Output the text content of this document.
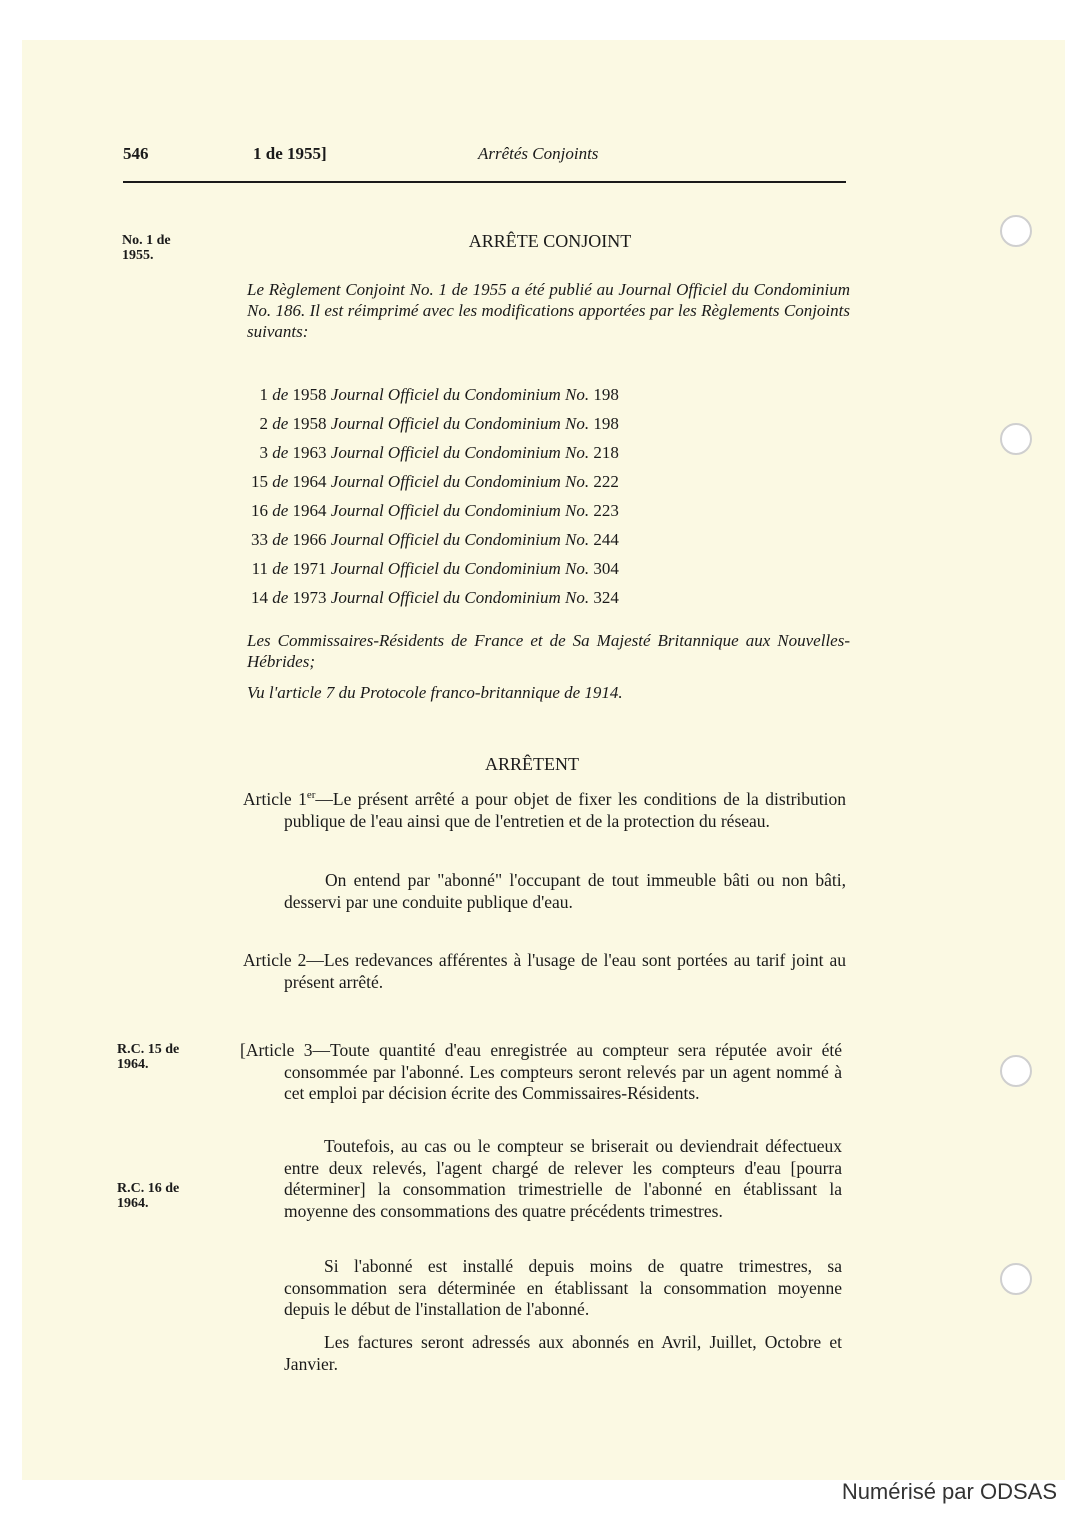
546	1 de 1955]	Arrêtés Conjoints
No. 1 de 1955.
ARRÊTE CONJOINT
Le Règlement Conjoint No. 1 de 1955 a été publié au Journal Officiel du Condominium No. 186. Il est réimprimé avec les modifications apportées par les Règlements Conjoints suivants:
1 de 1958 Journal Officiel du Condominium No. 198
2 de 1958 Journal Officiel du Condominium No. 198
3 de 1963 Journal Officiel du Condominium No. 218
15 de 1964 Journal Officiel du Condominium No. 222
16 de 1964 Journal Officiel du Condominium No. 223
33 de 1966 Journal Officiel du Condominium No. 244
11 de 1971 Journal Officiel du Condominium No. 304
14 de 1973 Journal Officiel du Condominium No. 324
Les Commissaires-Résidents de France et de Sa Majesté Britannique aux Nouvelles-Hébrides;
Vu l'article 7 du Protocole franco-britannique de 1914.
ARRÊTENT
Article 1er—Le présent arrêté a pour objet de fixer les conditions de la distribution publique de l'eau ainsi que de l'entretien et de la protection du réseau.
On entend par "abonné" l'occupant de tout immeuble bâti ou non bâti, desservi par une conduite publique d'eau.
Article 2—Les redevances afférentes à l'usage de l'eau sont portées au tarif joint au présent arrêté.
R.C. 15 de 1964.
[Article 3—Toute quantité d'eau enregistrée au compteur sera réputée avoir été consommée par l'abonné. Les compteurs seront relevés par un agent nommé à cet emploi par décision écrite des Commissaires-Résidents.
R.C. 16 de 1964.
Toutefois, au cas ou le compteur se briserait ou deviendrait défectueux entre deux relevés, l'agent chargé de relever les compteurs d'eau [pourra déterminer] la consommation trimestrielle de l'abonné en établissant la moyenne des consommations des quatre précédents trimestres.
Si l'abonné est installé depuis moins de quatre trimestres, sa consommation sera déterminée en établissant la consommation moyenne depuis le début de l'installation de l'abonné.
Les factures seront adressés aux abonnés en Avril, Juillet, Octobre et Janvier.
Numérisé par ODSAS
